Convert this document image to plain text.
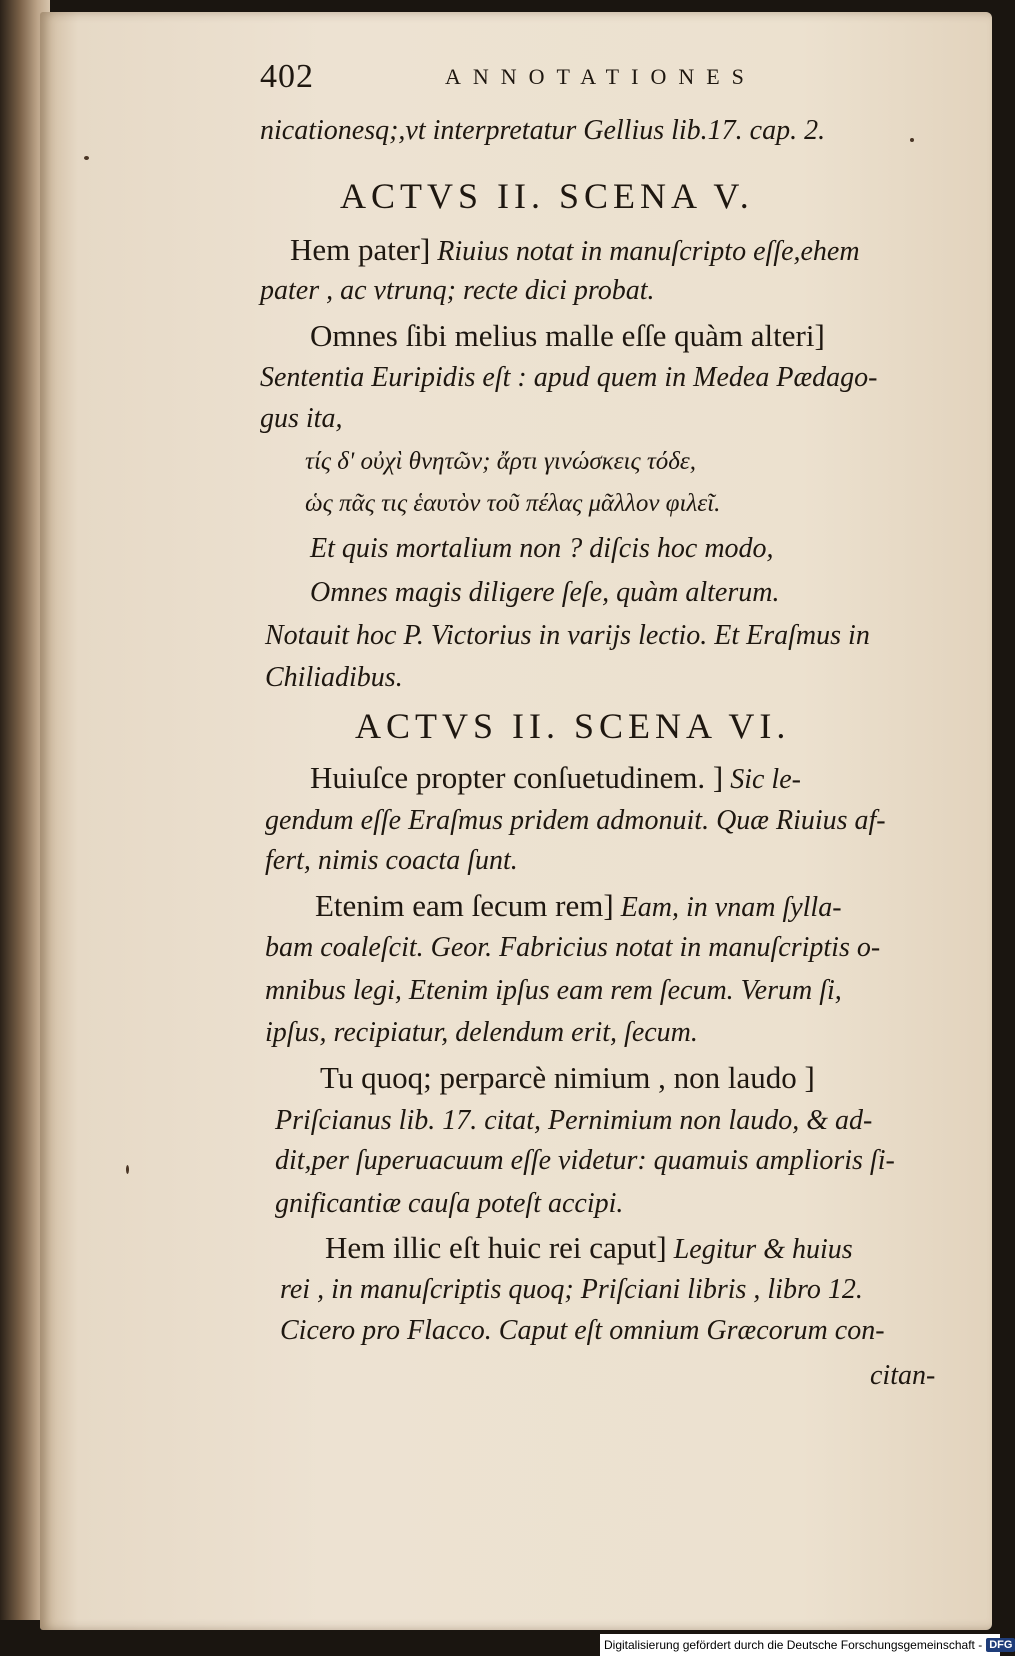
402	ANNOTATIONES
nicationesq;,vt interpretatur Gellius lib.17. cap. 2.
ACTVS II. SCENA V.
Hem pater] Riuius notat in manuſcripto eſſe,ehem
pater , ac vtrunq; recte dici probat.
Omnes ſibi melius malle eſſe quàm alteri]
Sententia Euripidis eſt : apud quem in Medea Pædago-
gus ita,
τίς δ' οὐχὶ θνητῶν; ἄρτι γινώσκεις τόδε,
ὡς πᾶς τις ἑαυτὸν τοῦ πέλας μᾶλλον φιλεῖ.
Et quis mortalium non ? diſcis hoc modo,
Omnes magis diligere ſeſe, quàm alterum.
Notauit hoc P. Victorius in varijs lectio. Et Eraſmus in
Chiliadibus.
ACTVS II. SCENA VI.
Huiuſce propter conſuetudinem. ] Sic le-
gendum eſſe Eraſmus pridem admonuit. Quæ Riuius af-
fert, nimis coacta ſunt.
Etenim eam ſecum rem] Eam, in vnam ſylla-
bam coaleſcit. Geor. Fabricius notat in manuſcriptis o-
mnibus legi, Etenim ipſus eam rem ſecum. Verum ſi,
ipſus, recipiatur, delendum erit, ſecum.
Tu quoq; perparcè nimium , non laudo ]
Priſcianus lib. 17. citat, Pernimium non laudo, & ad-
dit,per ſuperuacuum eſſe videtur: quamuis amplioris ſi-
gnificantiæ cauſa poteſt accipi.
Hem illic eſt huic rei caput] Legitur & huius
rei , in manuſcriptis quoq; Priſciani libris , libro 12.
Cicero pro Flacco. Caput eſt omnium Græcorum con-
citan-
Digitalisierung gefördert durch die Deutsche Forschungsgemeinschaft - DFG
